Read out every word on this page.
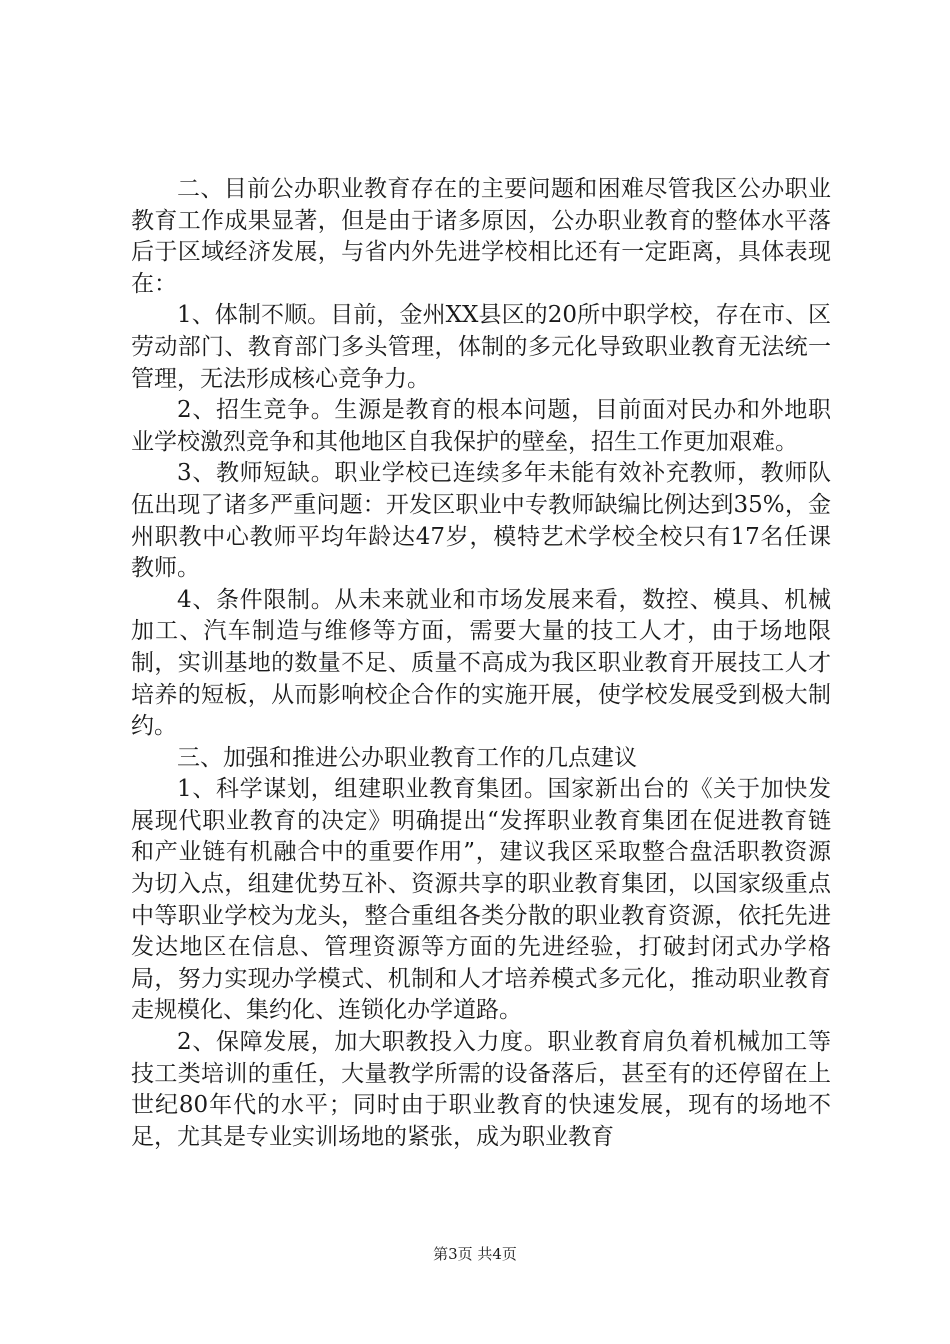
二、目前公办职业教育存在的主要问题和困难尽管我区公办职业教育工作成果显著，但是由于诸多原因，公办职业教育的整体水平落后于区域经济发展，与省内外先进学校相比还有一定距离，具体表现在：

1、体制不顺。目前，金州XX县区的20所中职学校，存在市、区劳动部门、教育部门多头管理，体制的多元化导致职业教育无法统一管理，无法形成核心竞争力。

2、招生竞争。生源是教育的根本问题，目前面对民办和外地职业学校激烈竞争和其他地区自我保护的壁垒，招生工作更加艰难。

3、教师短缺。职业学校已连续多年未能有效补充教师，教师队伍出现了诸多严重问题：开发区职业中专教师缺编比例达到35%，金州职教中心教师平均年龄达47岁，模特艺术学校全校只有17名任课教师。

4、条件限制。从未来就业和市场发展来看，数控、模具、机械加工、汽车制造与维修等方面，需要大量的技工人才，由于场地限制，实训基地的数量不足、质量不高成为我区职业教育开展技工人才培养的短板，从而影响校企合作的实施开展，使学校发展受到极大制约。

三、加强和推进公办职业教育工作的几点建议

1、科学谋划，组建职业教育集团。国家新出台的《关于加快发展现代职业教育的决定》明确提出“发挥职业教育集团在促进教育链和产业链有机融合中的重要作用”，建议我区采取整合盘活职教资源为切入点，组建优势互补、资源共享的职业教育集团，以国家级重点中等职业学校为龙头，整合重组各类分散的职业教育资源，依托先进发达地区在信息、管理资源等方面的先进经验，打破封闭式办学格局，努力实现办学模式、机制和人才培养模式多元化，推动职业教育走规模化、集约化、连锁化办学道路。

2、保障发展，加大职教投入力度。职业教育肩负着机械加工等技工类培训的重任，大量教学所需的设备落后，甚至有的还停留在上世纪80年代的水平；同时由于职业教育的快速发展，现有的场地不足，尤其是专业实训场地的紧张，成为职业教育

第3页 共4页
